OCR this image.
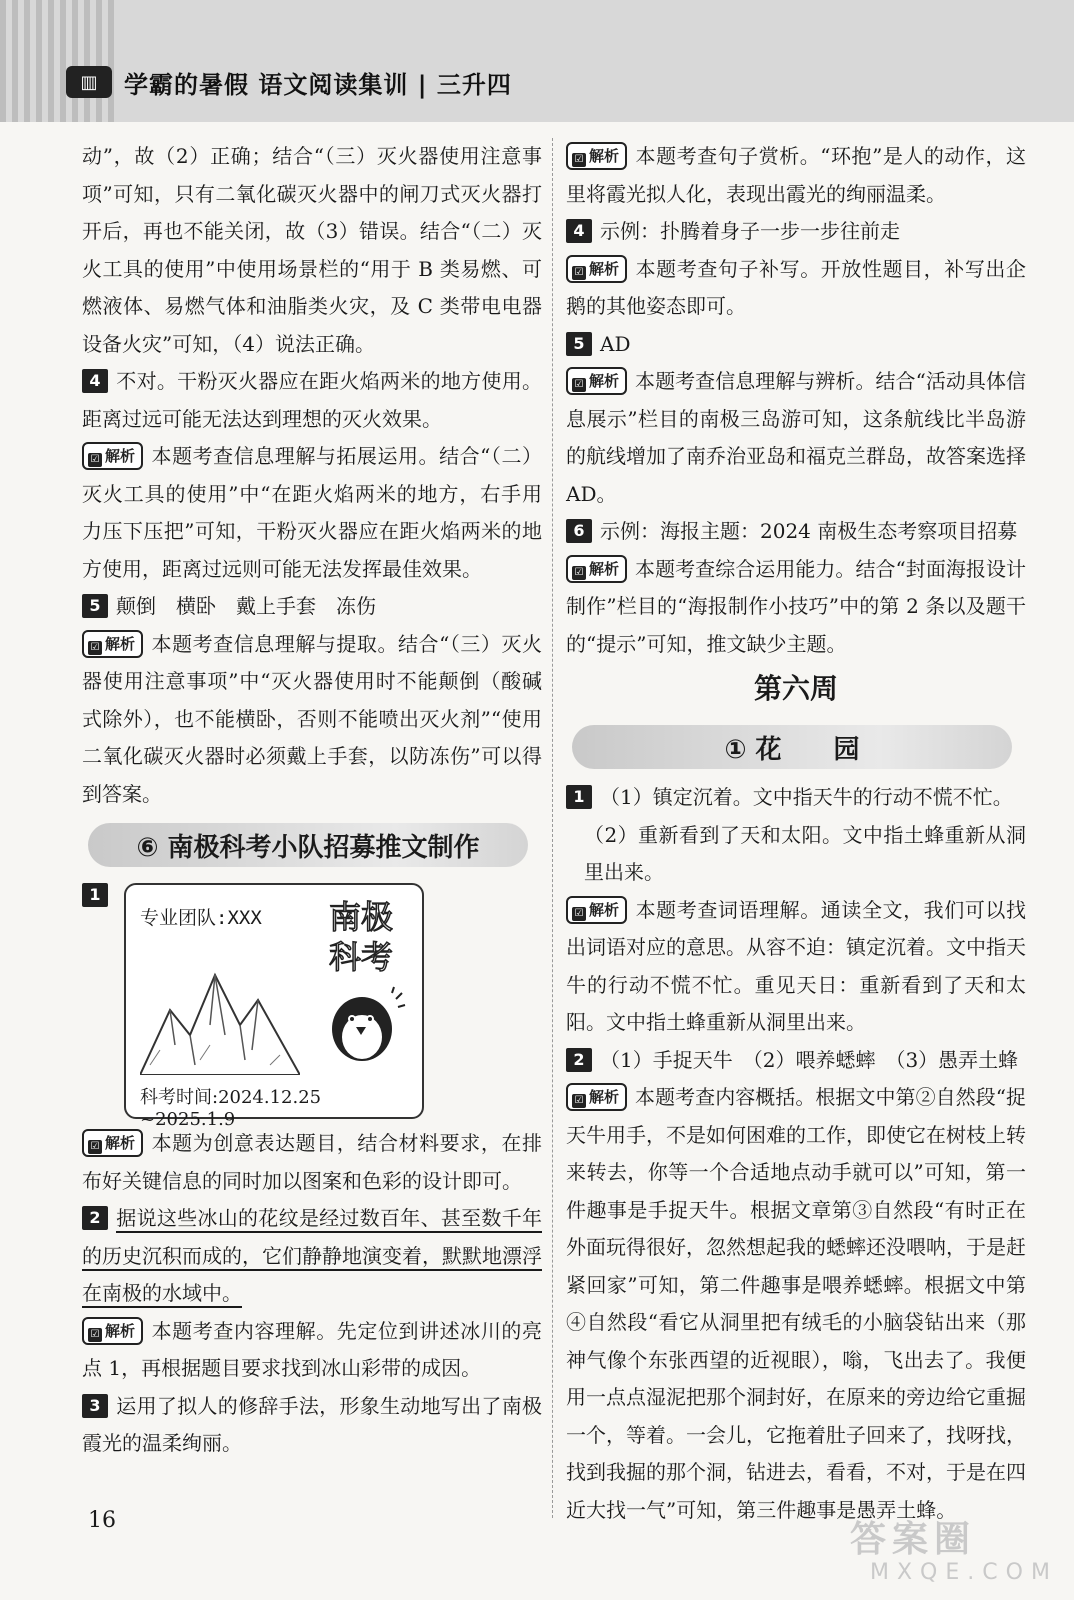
▥	学霸的暑假 语文阅读集训 | 三升四

动”，故（2）正确；结合“（三）灭火器使用注意事项”可知，只有二氧化碳灭火器中的闸刀式灭火器打开后，再也不能关闭，故（3）错误。结合“（二）灭火工具的使用”中使用场景栏的“用于 B 类易燃、可燃液体、易燃气体和油脂类火灾，及 C 类带电电器设备火灾”可知，（4）说法正确。

4 不对。干粉灭火器应在距火焰两米的地方使用。距离过远可能无法达到理想的灭火效果。

☑ 解析 本题考查信息理解与拓展运用。结合“（二）灭火工具的使用”中“在距火焰两米的地方，右手用力压下压把”可知，干粉灭火器应在距火焰两米的地方使用，距离过远则可能无法发挥最佳效果。

5 颠倒　横卧　戴上手套　冻伤

☑ 解析 本题考查信息理解与提取。结合“（三）灭火器使用注意事项”中“灭火器使用时不能颠倒（酸碱式除外），也不能横卧，否则不能喷出灭火剂”“使用二氧化碳灭火器时必须戴上手套，以防冻伤”可以得到答案。

⑥ 南极科考小队招募推文制作
1
专业团队:XXX 南极科考
科考时间:2024.12.25 ~2025.1.9

☑ 解析 本题为创意表达题目，结合材料要求，在排布好关键信息的同时加以图案和色彩的设计即可。

2 据说这些冰山的花纹是经过数百年、甚至数千年的历史沉积而成的，它们静静地演变着，默默地漂浮在南极的水域中。

☑ 解析 本题考查内容理解。先定位到讲述冰川的亮点 1，再根据题目要求找到冰山彩带的成因。

3 运用了拟人的修辞手法，形象生动地写出了南极霞光的温柔绚丽。

☑ 解析 本题考查句子赏析。“环抱”是人的动作，这里将霞光拟人化，表现出霞光的绚丽温柔。

4 示例：扑腾着身子一步一步往前走

☑ 解析 本题考查句子补写。开放性题目，补写出企鹅的其他姿态即可。

5 AD

☑ 解析 本题考查信息理解与辨析。结合“活动具体信息展示”栏目的南极三岛游可知，这条航线比半岛游的航线增加了南乔治亚岛和福克兰群岛，故答案选择 AD。

6 示例：海报主题：2024 南极生态考察项目招募

☑ 解析 本题考查综合运用能力。结合“封面海报设计制作”栏目的“海报制作小技巧”中的第 2 条以及题干的“提示”可知，推文缺少主题。

第六周
① 花　　园

1 （1）镇定沉着。文中指天牛的行动不慌不忙。

（2）重新看到了天和太阳。文中指土蜂重新从洞里出来。

☑ 解析 本题考查词语理解。通读全文，我们可以找出词语对应的意思。从容不迫：镇定沉着。文中指天牛的行动不慌不忙。重见天日：重新看到了天和太阳。文中指土蜂重新从洞里出来。

2 （1）手捉天牛　（2）喂养蟋蟀　（3）愚弄土蜂

☑ 解析 本题考查内容概括。根据文中第②自然段“捉天牛用手，不是如何困难的工作，即使它在树枝上转来转去，你等一个合适地点动手就可以”可知，第一件趣事是手捉天牛。根据文章第③自然段“有时正在外面玩得很好，忽然想起我的蟋蟀还没喂呐，于是赶紧回家”可知，第二件趣事是喂养蟋蟀。根据文中第④自然段“看它从洞里把有绒毛的小脑袋钻出来（那神气像个东张西望的近视眼），嗡，飞出去了。我便用一点点湿泥把那个洞封好，在原来的旁边给它重掘一个，等着。一会儿，它拖着肚子回来了，找呀找，找到我掘的那个洞，钻进去，看看，不对，于是在四近大找一气”可知，第三件趣事是愚弄土蜂。

16	答案圈
MXQE.COM
